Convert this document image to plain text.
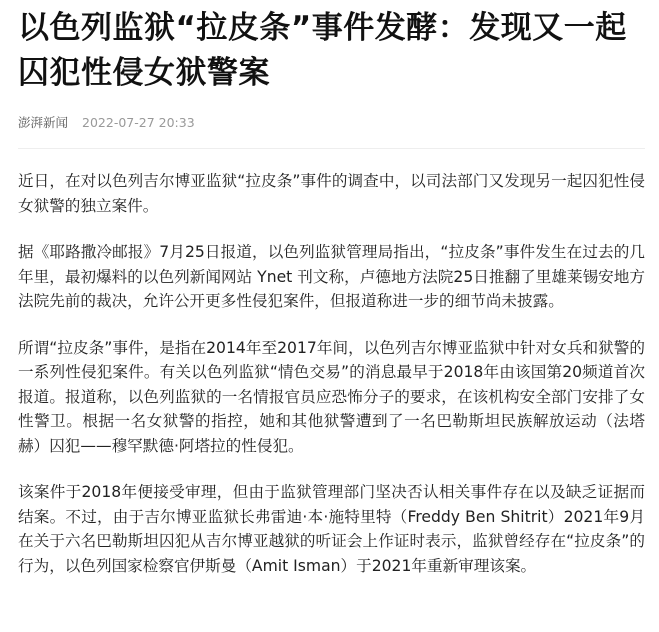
以色列监狱“拉皮条”事件发酵：发现又一起囚犯性侵女狱警案
澎湃新闻 2022-07-27 20:33

近日，在对以色列吉尔博亚监狱“拉皮条”事件的调查中，以司法部门又发现另一起囚犯性侵女狱警的独立案件。

据《耶路撒冷邮报》7月25日报道，以色列监狱管理局指出，“拉皮条”事件发生在过去的几年里，最初爆料的以色列新闻网站 Ynet 刊文称，卢德地方法院25日推翻了里雄莱锡安地方法院先前的裁决，允许公开更多性侵犯案件，但报道称进一步的细节尚未披露。

所谓“拉皮条”事件，是指在2014年至2017年间，以色列吉尔博亚监狱中针对女兵和狱警的一系列性侵犯案件。有关以色列监狱“情色交易”的消息最早于2018年由该国第20频道首次报道。报道称，以色列监狱的一名情报官员应恐怖分子的要求，在该机构安全部门安排了女性警卫。根据一名女狱警的指控，她和其他狱警遭到了一名巴勒斯坦民族解放运动（法塔赫）囚犯——穆罕默德·阿塔拉的性侵犯。

该案件于2018年便接受审理，但由于监狱管理部门坚决否认相关事件存在以及缺乏证据而结案。不过，由于吉尔博亚监狱长弗雷迪·本·施特里特（Freddy Ben Shitrit）2021年9月在关于六名巴勒斯坦囚犯从吉尔博亚越狱的听证会上作证时表示，监狱曾经存在“拉皮条”的行为，以色列国家检察官伊斯曼（Amit Isman）于2021年重新审理该案。
